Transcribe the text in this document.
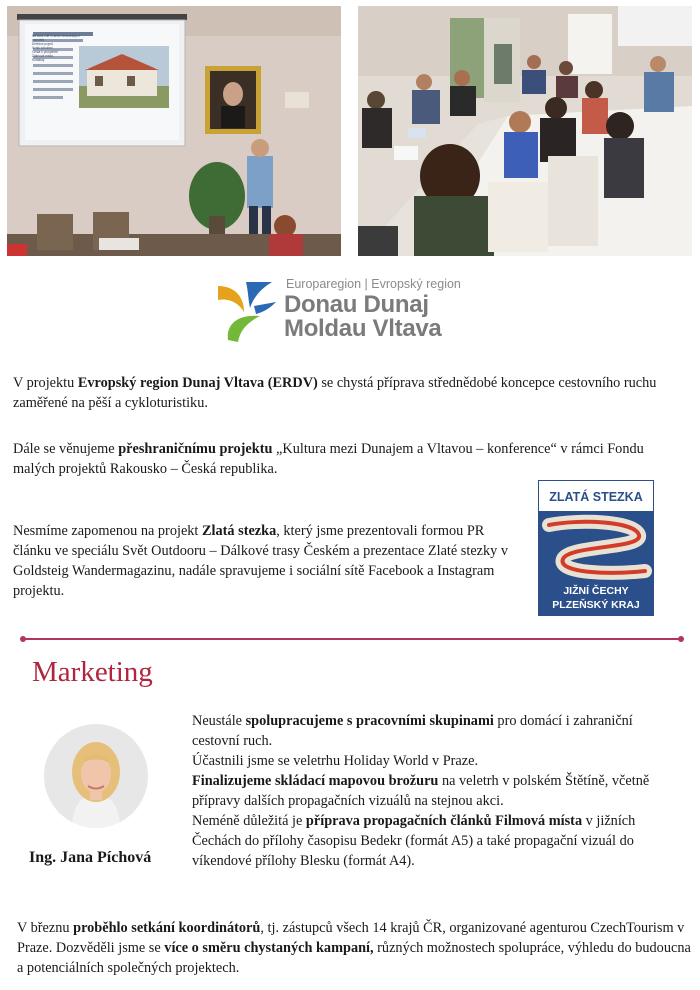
Europaregion | Evropský region
Donau Dunaj
Moldau Vltava

V projektu Evropský region Dunaj Vltava (ERDV) se chystá příprava střednědobé koncepce cestovního ruchu zaměřené na pěší a cykloturistiku.

Dále se věnujeme přeshraničnímu projektu „Kultura mezi Dunajem a Vltavou – konference“ v rámci Fondu malých projektů Rakousko – Česká republika.

Nesmíme zapomenou na projekt Zlatá stezka, který jsme prezentovali formou PR článku ve speciálu Svět Outdooru – Dálkové trasy Českém a prezentace Zlaté stezky v Goldsteig Wandermagazinu, nadále spravujeme i sociální sítě Facebook a Instagram projektu.

ZLATÁ STEZKA
JIŽNÍ ČECHY
PLZEŇSKÝ KRAJ
Marketing

Ing. Jana Píchová

Neustále spolupracujeme s pracovními skupinami pro domácí i zahraniční cestovní ruch.
Účastnili jsme se veletrhu Holiday World v Praze.
Finalizujeme skládací mapovou brožuru na veletrh v polském Štětíně, včetně přípravy dalších propagačních vizuálů na stejnou akci.
Neméně důležitá je příprava propagačních článků Filmová místa v jižních Čechách do přílohy časopisu Bedekr (formát A5) a také propagační vizuál do víkendové přílohy Blesku (formát A4).

V březnu proběhlo setkání koordinátorů, tj. zástupců všech 14 krajů ČR, organizované agenturou CzechTourism v Praze. Dozvěděli jsme se více o směru chystaných kampaní, různých možnostech spolupráce, výhledu do budoucna a potenciálních společných projektech.

Na kolik cílů v rámci venkovských památek
Definice pojmů
Vznik sdružení
Cesta k prosperitě
Zájmová místa
Kontakty
